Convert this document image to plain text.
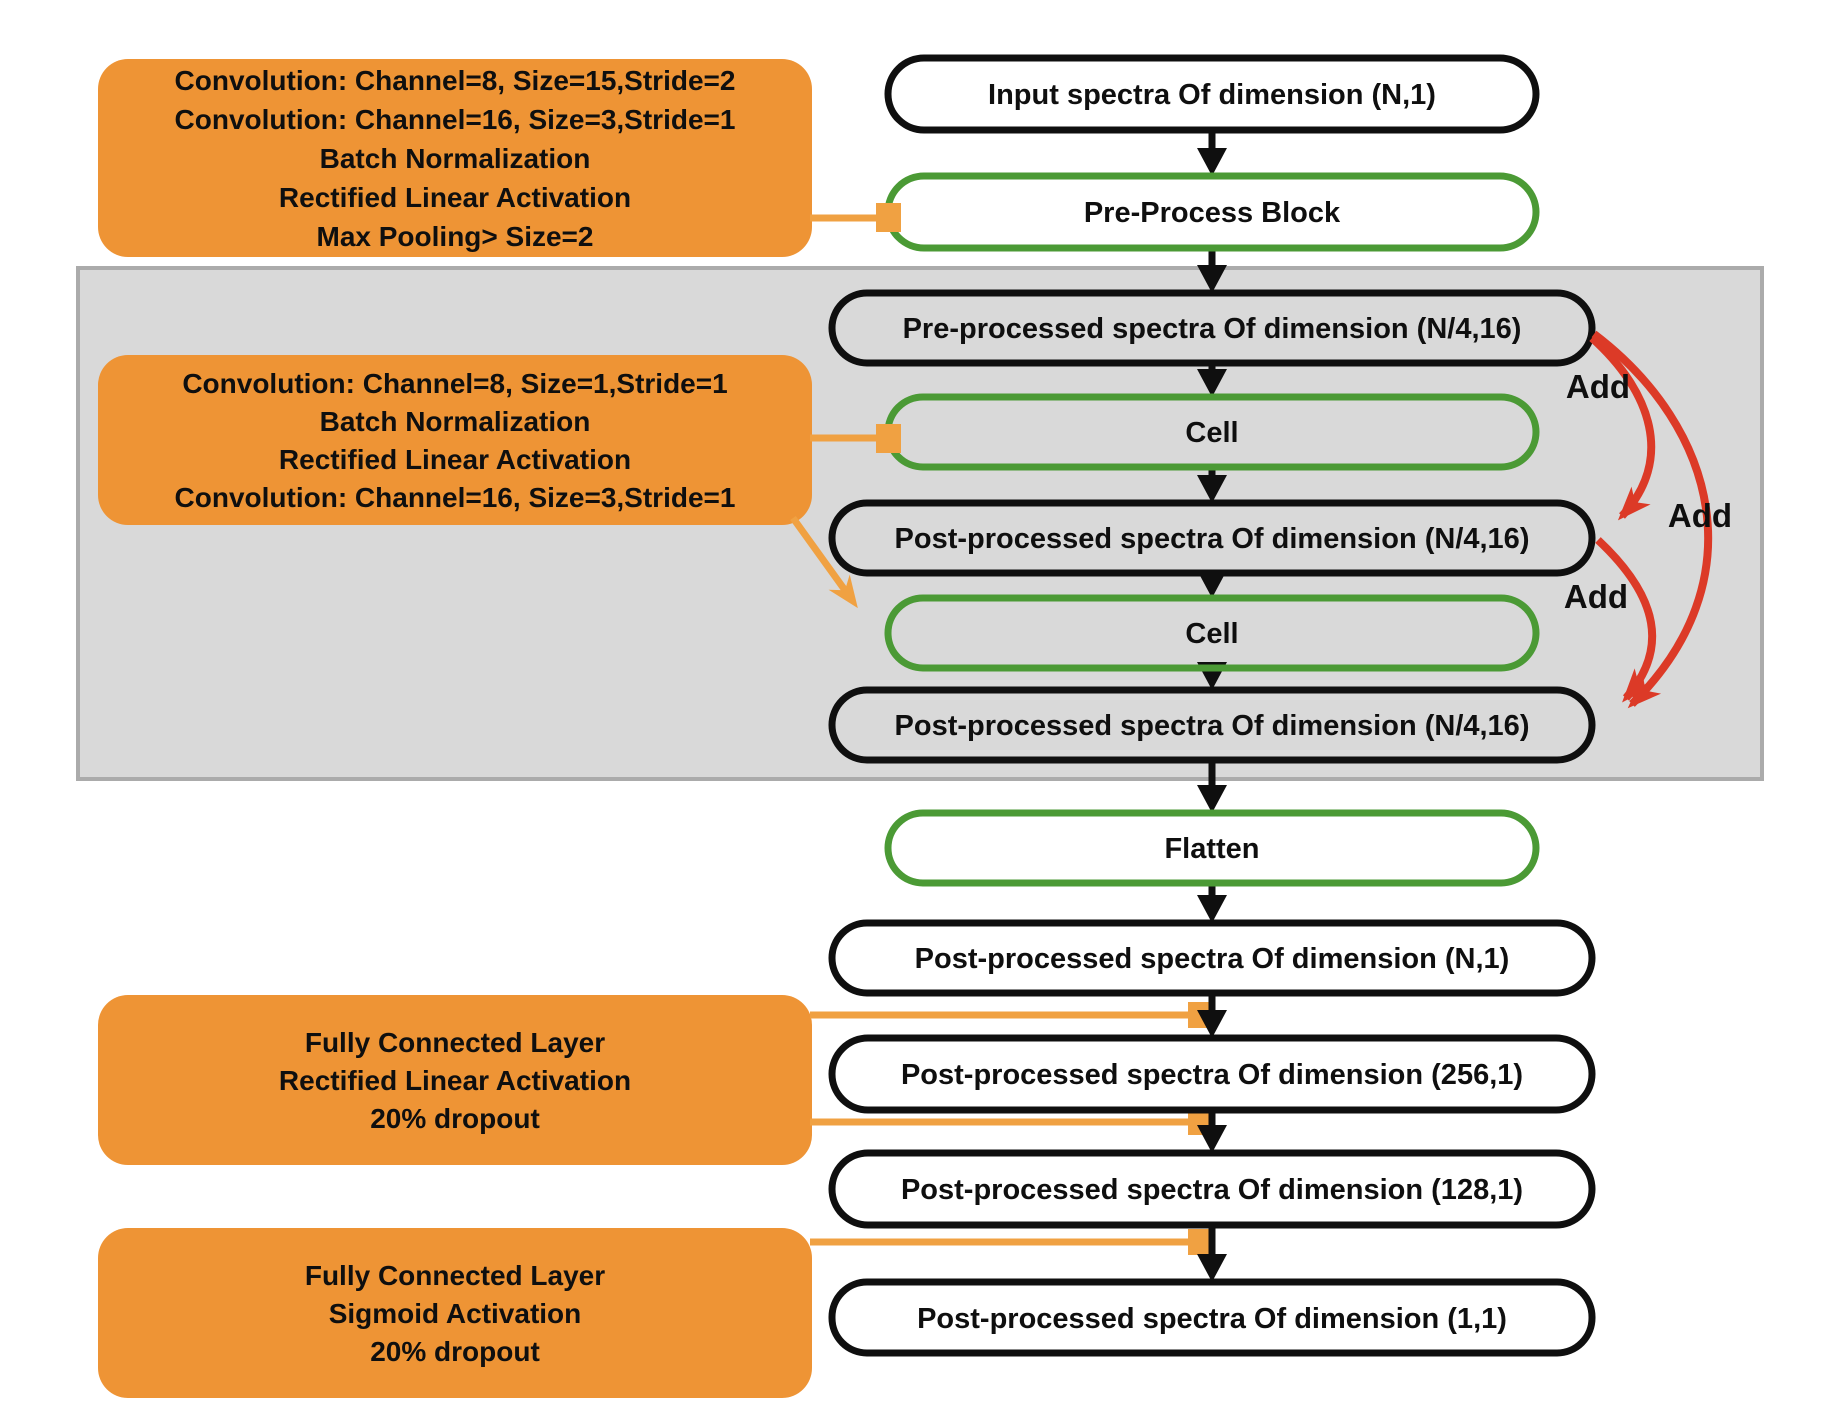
Convolution: Channel=8, Size=15,Stride=2
Convolution: Channel=16, Size=3,Stride=1
Batch Normalization
Rectified Linear Activation
Max Pooling> Size=2
Convolution: Channel=8, Size=1,Stride=1
Batch Normalization
Rectified Linear Activation
Convolution: Channel=16, Size=3,Stride=1
Fully Connected Layer
Rectified Linear Activation
20% dropout
Fully Connected Layer
Sigmoid Activation
20% dropout
Input spectra Of dimension (N,1)
Pre-Process Block
Pre-processed spectra Of dimension (N/4,16)
Cell
Post-processed spectra Of dimension (N/4,16)
Cell
Post-processed spectra Of dimension (N/4,16)
Flatten
Post-processed spectra Of dimension (N,1)
Post-processed spectra Of dimension (256,1)
Post-processed spectra Of dimension (128,1)
Post-processed spectra Of dimension (1,1)
Add
Add
Add
